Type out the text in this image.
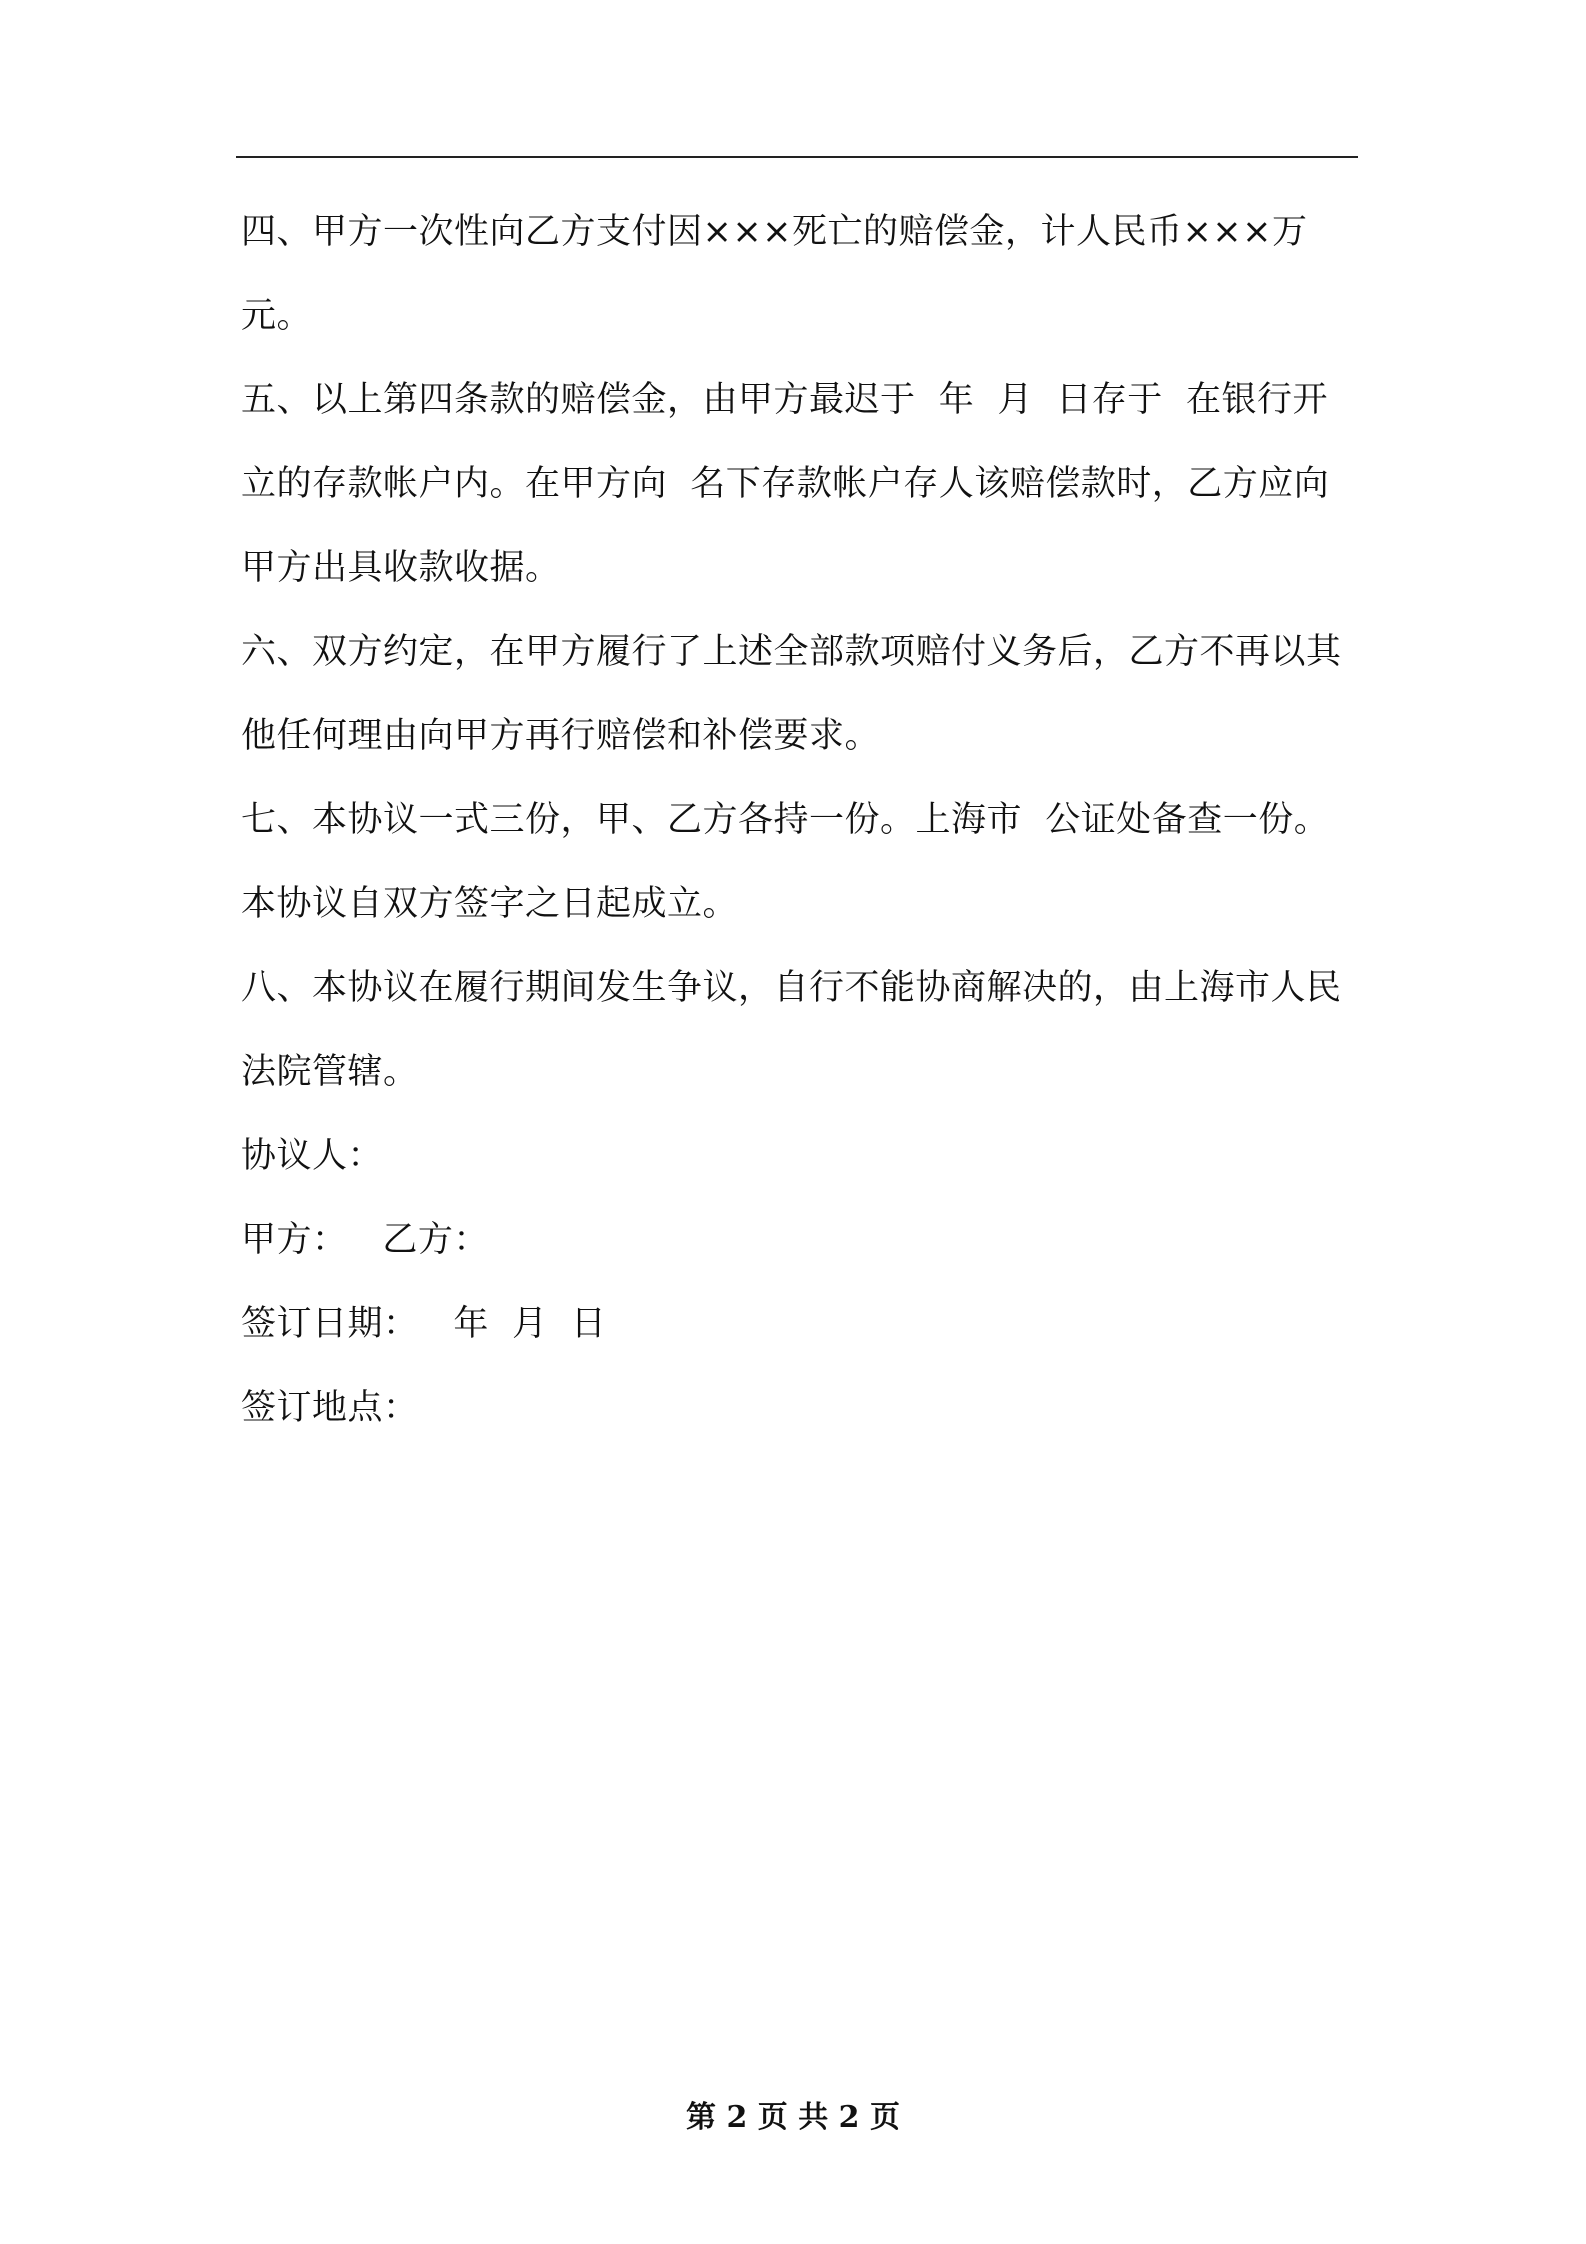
四、甲方一次性向乙方支付因×××死亡的赔偿金，计人民币×××万元。

五、以上第四条款的赔偿金，由甲方最迟于  年  月  日存于  在银行开立的存款帐户内。在甲方向  名下存款帐户存人该赔偿款时，乙方应向甲方出具收款收据。

六、双方约定，在甲方履行了上述全部款项赔付义务后，乙方不再以其他任何理由向甲方再行赔偿和补偿要求。

七、本协议一式三份，甲、乙方各持一份。上海市  公证处备查一份。本协议自双方签字之日起成立。

八、本协议在履行期间发生争议，自行不能协商解决的，由上海市人民法院管辖。

协议人：

甲方：   乙方：

签订日期：   年  月  日

签订地点：

第 2 页 共 2 页
